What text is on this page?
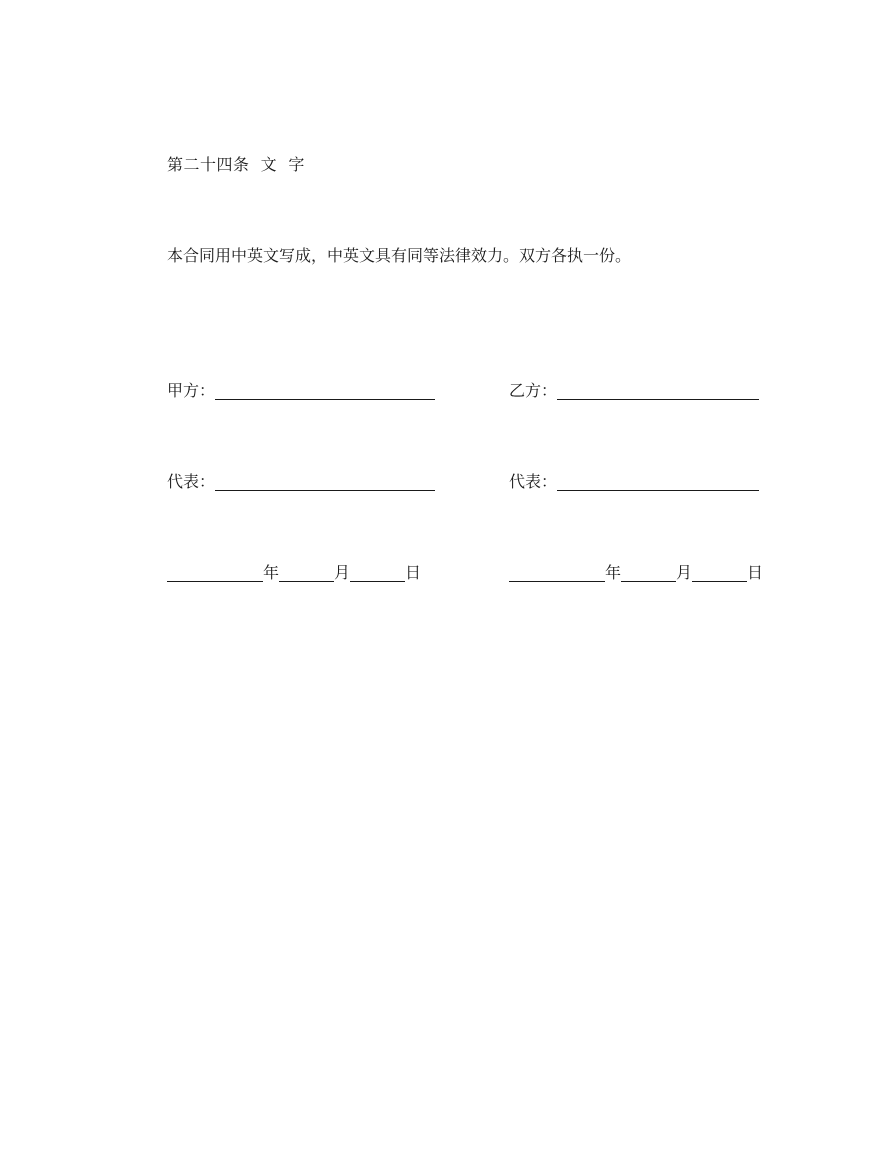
第二十四条  文  字
本合同用中英文写成，中英文具有同等法律效力。双方各执一份。
甲方：	乙方：
代表：	代表：
年	月	日	年	月	日
